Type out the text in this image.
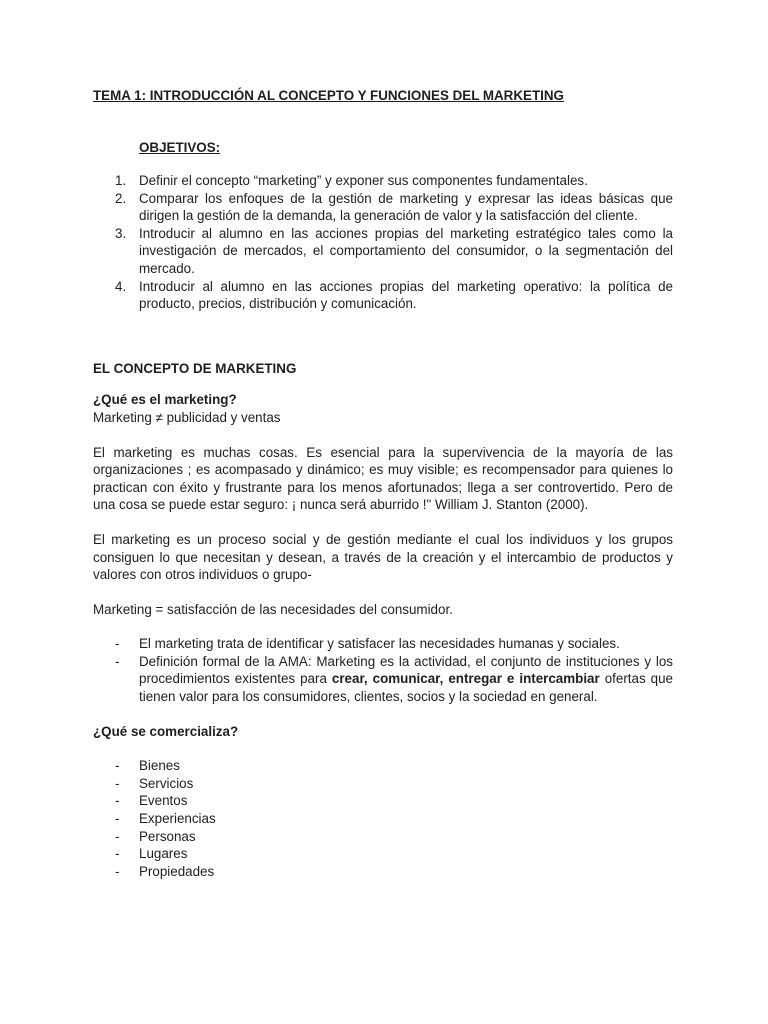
TEMA 1: INTRODUCCIÓN AL CONCEPTO Y FUNCIONES DEL MARKETING

OBJETIVOS:

1. Definir el concepto “marketing” y exponer sus componentes fundamentales.
2. Comparar los enfoques de la gestión de marketing y expresar las ideas básicas que dirigen la gestión de la demanda, la generación de valor y la satisfacción del cliente.
3. Introducir al alumno en las acciones propias del marketing estratégico tales como la investigación de mercados, el comportamiento del consumidor, o la segmentación del mercado.
4. Introducir al alumno en las acciones propias del marketing operativo: la política de producto, precios, distribución y comunicación.

EL CONCEPTO DE MARKETING

¿Qué es el marketing?

Marketing ≠ publicidad y ventas

El marketing es muchas cosas. Es esencial para la supervivencia de la mayoría de las organizaciones ; es acompasado y dinámico; es muy visible; es recompensador para quienes lo practican con éxito y frustrante para los menos afortunados; llega a ser controvertido. Pero de una cosa se puede estar seguro: ¡ nunca será aburrido !" William J. Stanton (2000).

El marketing es un proceso social y de gestión mediante el cual los individuos y los grupos consiguen lo que necesitan y desean, a través de la creación y el intercambio de productos y valores con otros individuos o grupo-

Marketing = satisfacción de las necesidades del consumidor.

- El marketing trata de identificar y satisfacer las necesidades humanas y sociales.
- Definición formal de la AMA: Marketing es la actividad, el conjunto de instituciones y los procedimientos existentes para crear, comunicar, entregar e intercambiar ofertas que tienen valor para los consumidores, clientes, socios y la sociedad en general.

¿Qué se comercializa?

- Bienes
- Servicios
- Eventos
- Experiencias
- Personas
- Lugares
- Propiedades
